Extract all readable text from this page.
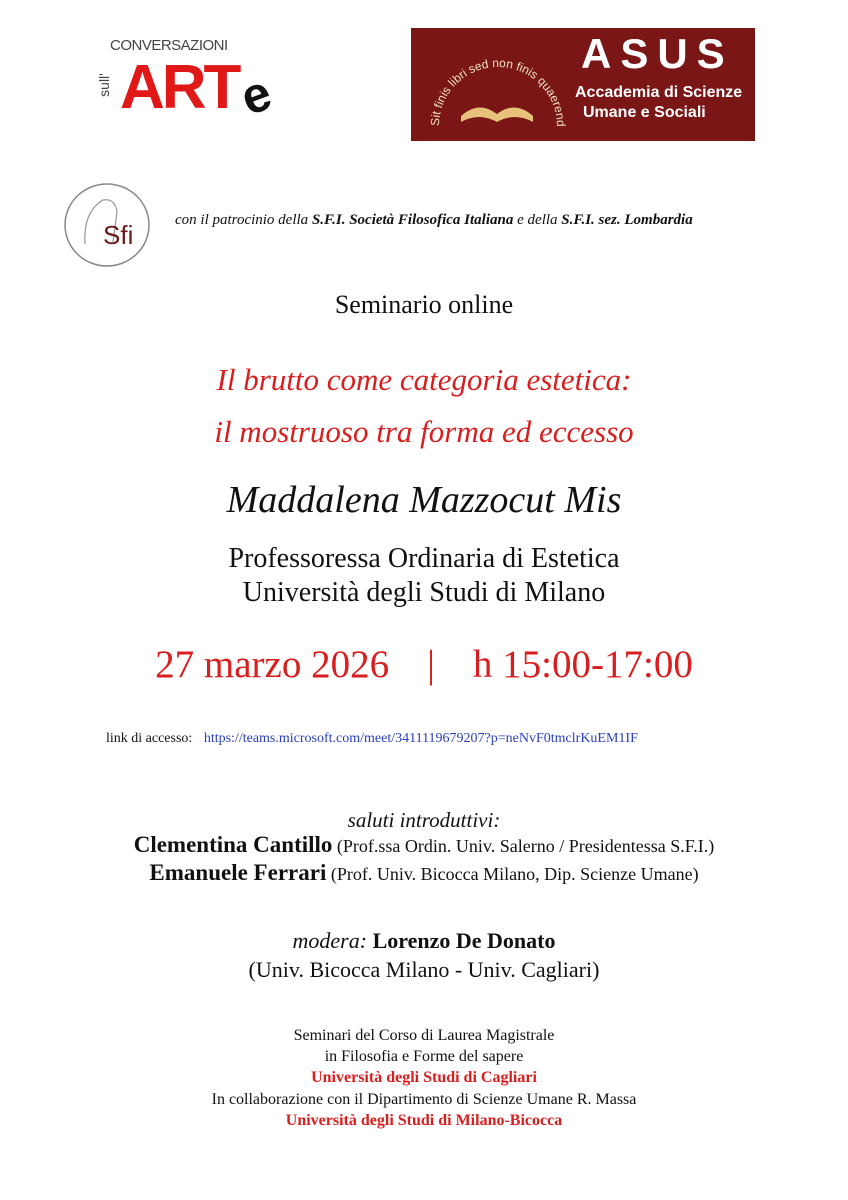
CONVERSAZIONI
sull' ART
e	Sit finis libri sed non finis quaerend
ASUS
Accademia di Scienze
Umane e Sociali
Sfi	con il patrocinio della S.F.I. Società Filosofica Italiana e della S.F.I. sez. Lombardia
Seminario online
Il brutto come categoria estetica:
il mostruoso tra forma ed eccesso
Maddalena Mazzocut Mis
Professoressa Ordinaria di Estetica
Università degli Studi di Milano
27 marzo 2026 | h 15:00-17:00
link di accesso: https://teams.microsoft.com/meet/3411119679207?p=neNvF0tmclrKuEM1IF
saluti introduttivi:
Clementina Cantillo (Prof.ssa Ordin. Univ. Salerno / Presidentessa S.F.I.)
Emanuele Ferrari (Prof. Univ. Bicocca Milano, Dip. Scienze Umane)
modera: Lorenzo De Donato
(Univ. Bicocca Milano - Univ. Cagliari)
Seminari del Corso di Laurea Magistrale
in Filosofia e Forme del sapere
Università degli Studi di Cagliari
In collaborazione con il Dipartimento di Scienze Umane R. Massa
Università degli Studi di Milano-Bicocca
